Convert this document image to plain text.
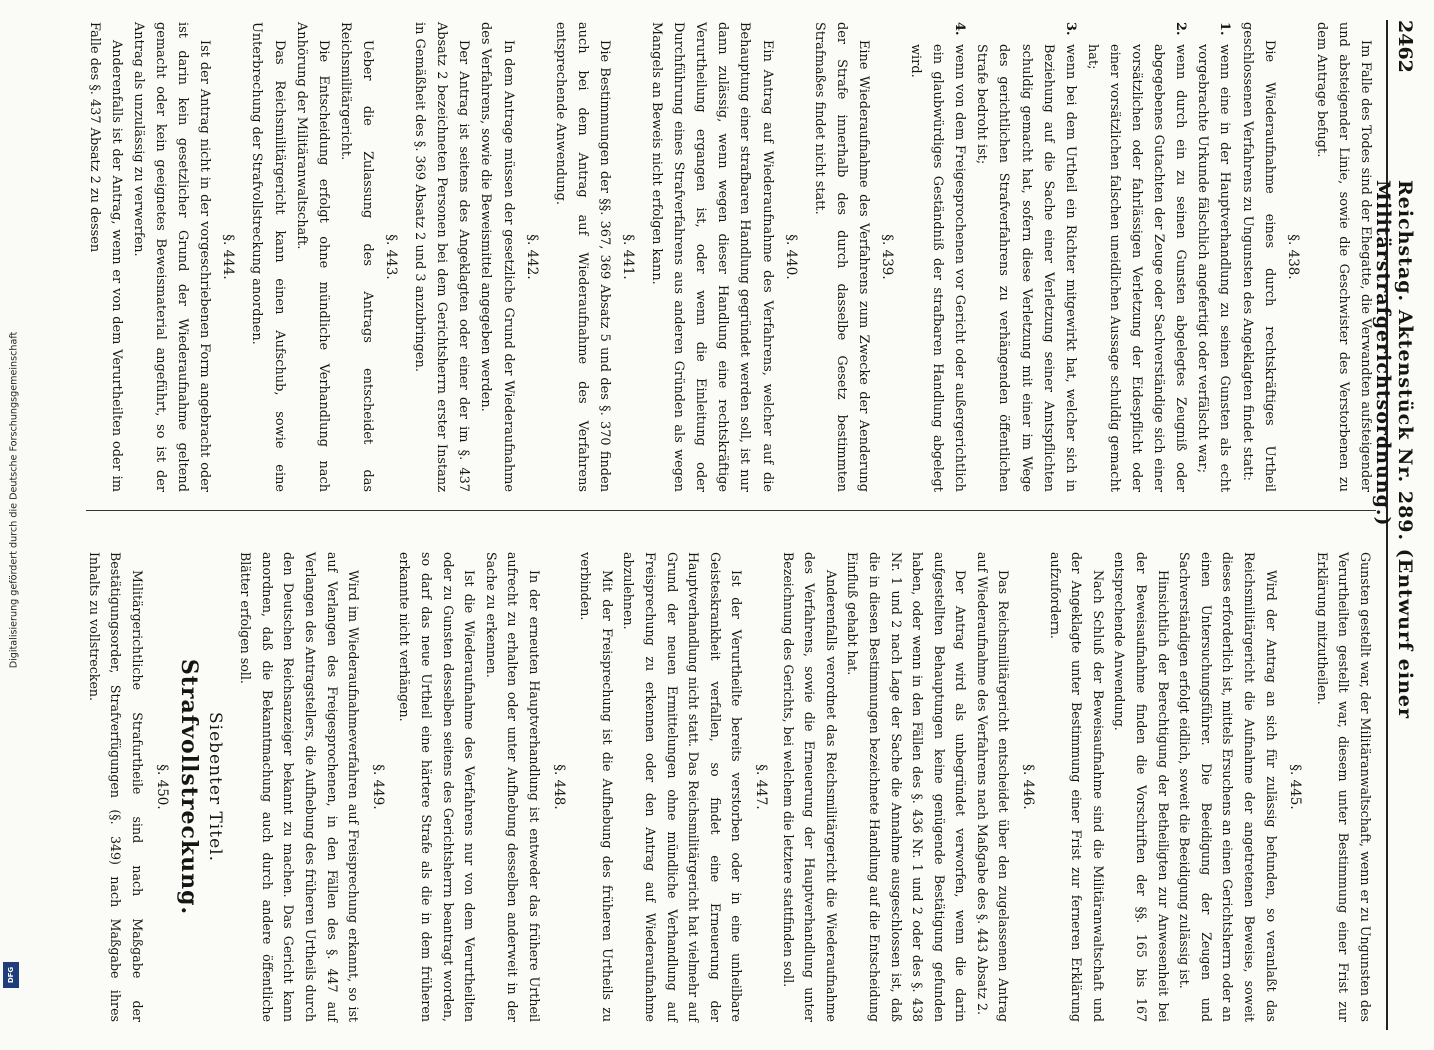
Digitalisierung gefördert durch die Deutsche Forschungsgemeinschaft
DFG
2462
Reichstag. Aktenstück Nr. 289. (Entwurf einer Militärstrafgerichtsordnung.)

Im Falle des Todes sind der Ehegatte, die Verwandten aufsteigender und absteigender Linie, sowie die Geschwister des Verstorbenen zu dem Antrage befugt.

§. 438.

Die Wiederaufnahme eines durch rechtskräftiges Urtheil geschlossenen Verfahrens zu Ungunsten des Angeklagten findet statt:

1.
wenn eine in der Hauptverhandlung zu seinen Gunsten als echt vorgebrachte Urkunde fälschlich angefertigt oder verfälscht war;
2.
wenn durch ein zu seinen Gunsten abgelegtes Zeugniß oder abgegebenes Gutachten der Zeuge oder Sachverständige sich einer vorsätzlichen oder fahrlässigen Verletzung der Eidespflicht oder einer vorsätzlichen falschen uneidlichen Aussage schuldig gemacht hat;
3.
wenn bei dem Urtheil ein Richter mitgewirkt hat, welcher sich in Beziehung auf die Sache einer Verletzung seiner Amtspflichten schuldig gemacht hat, sofern diese Verletzung mit einer im Wege des gerichtlichen Strafverfahrens zu verhängenden öffentlichen Strafe bedroht ist;
4.
wenn von dem Freigesprochenen vor Gericht oder außergerichtlich ein glaubwürdiges Geständniß der strafbaren Handlung abgelegt wird.
§. 439.

Eine Wiederaufnahme des Verfahrens zum Zwecke der Aenderung der Strafe innerhalb des durch dasselbe Gesetz bestimmten Strafmaßes findet nicht statt.

§. 440.

Ein Antrag auf Wiederaufnahme des Verfahrens, welcher auf die Behauptung einer strafbaren Handlung gegründet werden soll, ist nur dann zulässig, wenn wegen dieser Handlung eine rechtskräftige Verurtheilung ergangen ist, oder wenn die Einleitung oder Durchführung eines Strafverfahrens aus anderen Gründen als wegen Mangels an Beweis nicht erfolgen kann.

§. 441.

Die Bestimmungen der §§. 367, 369 Absatz 5 und des §. 370 finden auch bei dem Antrag auf Wiederaufnahme des Verfahrens entsprechende Anwendung.

§. 442.

In dem Antrage müssen der gesetzliche Grund der Wiederaufnahme des Verfahrens, sowie die Beweismittel angegeben werden.

Der Antrag ist seitens des Angeklagten oder einer der im §. 437 Absatz 2 bezeichneten Personen bei dem Gerichtsherrn erster Instanz in Gemäßheit des §. 369 Absatz 2 und 3 anzubringen.

§. 443.

Ueber die Zulassung des Antrags entscheidet das Reichsmilitärgericht.

Die Entscheidung erfolgt ohne mündliche Verhandlung nach Anhörung der Militäranwaltschaft.

Das Reichsmilitärgericht kann einen Aufschub, sowie eine Unterbrechung der Strafvollstreckung anordnen.

§. 444.

Ist der Antrag nicht in der vorgeschriebenen Form angebracht oder ist darin kein gesetzlicher Grund der Wiederaufnahme geltend gemacht oder kein geeignetes Beweismaterial angeführt, so ist der Antrag als unzulässig zu verwerfen.

Anderenfalls ist der Antrag, wenn er von dem Verurtheilten oder im Falle des §. 437 Absatz 2 zu dessen

Gunsten gestellt war, der Militäranwaltschaft, wenn er zu Ungunsten des Verurtheilten gestellt war, diesem unter Bestimmung einer Frist zur Erklärung mitzutheilen.

§. 445.

Wird der Antrag an sich für zulässig befunden, so veranlaßt das Reichsmilitärgericht die Aufnahme der angetretenen Beweise, soweit dieses erforderlich ist, mittels Ersuchens an einen Gerichtsherrn oder an einen Untersuchungsführer. Die Beeidigung der Zeugen und Sachverständigen erfolgt eidlich, soweit die Beeidigung zulässig ist.

Hinsichtlich der Berechtigung der Betheiligten zur Anwesenheit bei der Beweisaufnahme finden die Vorschriften der §§. 165 bis 167 entsprechende Anwendung.

Nach Schluß der Beweisaufnahme sind die Militäranwaltschaft und der Angeklagte unter Bestimmung einer Frist zur ferneren Erklärung aufzufordern.

§. 446.

Das Reichsmilitärgericht entscheidet über den zugelassenen Antrag auf Wiederaufnahme des Verfahrens nach Maßgabe des §. 443 Absatz 2.

Der Antrag wird als unbegründet verworfen, wenn die darin aufgestellten Behauptungen keine genügende Bestätigung gefunden haben, oder wenn in den Fällen des §. 436 Nr. 1 und 2 oder des §. 438 Nr. 1 und 2 nach Lage der Sache die Annahme ausgeschlossen ist, daß die in diesen Bestimmungen bezeichnete Handlung auf die Entscheidung Einfluß gehabt hat.

Anderenfalls verordnet das Reichsmilitärgericht die Wiederaufnahme des Verfahrens, sowie die Erneuerung der Hauptverhandlung unter Bezeichnung des Gerichts, bei welchem die letztere stattfinden soll.

§. 447.

Ist der Verurtheilte bereits verstorben oder in eine unheilbare Geisteskrankheit verfallen, so findet eine Erneuerung der Hauptverhandlung nicht statt. Das Reichsmilitärgericht hat vielmehr auf Grund der neuen Ermittelungen ohne mündliche Verhandlung auf Freisprechung zu erkennen oder den Antrag auf Wiederaufnahme abzulehnen.

Mit der Freisprechung ist die Aufhebung des früheren Urtheils zu verbinden.

§. 448.

In der erneuten Hauptverhandlung ist entweder das frühere Urtheil aufrecht zu erhalten oder unter Aufhebung desselben anderweit in der Sache zu erkennen.

Ist die Wiederaufnahme des Verfahrens nur von dem Verurtheilten oder zu Gunsten desselben seitens des Gerichtsherrn beantragt worden, so darf das neue Urtheil eine härtere Strafe als die in dem früheren erkannte nicht verhängen.

§. 449.

Wird im Wiederaufnahmeverfahren auf Freisprechung erkannt, so ist auf Verlangen des Freigesprochenen, in den Fällen des §. 447 auf Verlangen des Antragstellers, die Aufhebung des früheren Urtheils durch den Deutschen Reichsanzeiger bekannt zu machen. Das Gericht kann anordnen, daß die Bekanntmachung auch durch andere öffentliche Blätter erfolgen soll.

Siebenter Titel.
Strafvollstreckung.
§. 450.

Militärgerichtliche Strafurtheile sind nach Maßgabe der Bestätigungsorder, Strafverfügungen (§. 349) nach Maßgabe ihres Inhalts zu vollstrecken.
